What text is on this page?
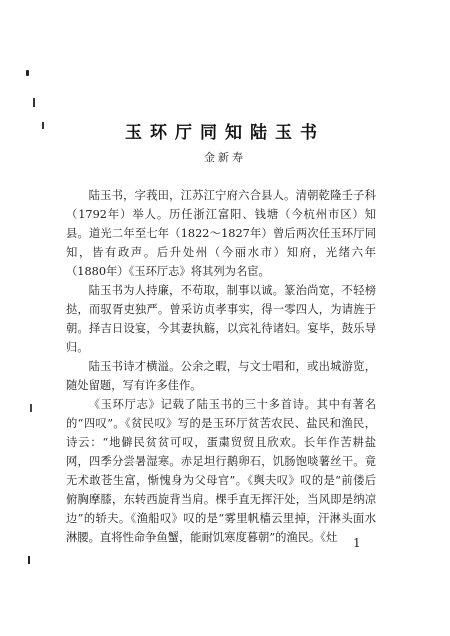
玉环厅同知陆玉书
金新寿

陆玉书，字莪田，江苏江宁府六合县人。清朝乾隆壬子科（1792年）举人。历任浙江富阳、钱塘（今杭州市区）知县。道光二年至七年（1822～1827年）曾后两次任玉环厅同知，皆有政声。后升处州（今丽水市）知府，光绪六年（1880年）《玉环厅志》将其列为名宦。

陆玉书为人持廉，不苟取，制事以诚。篆治尚宽，不轻榜挞，而驭胥吏独严。曾采访贞孝事实，得一零四人，为请旌于朝。择吉日设宴，今其妻执觞，以宾礼待诸妇。宴毕，鼓乐导归。

陆玉书诗才横溢。公余之暇，与文士唱和，或出城游览，随处留题，写有许多佳作。

《玉环厅志》记载了陆玉书的三十多首诗。其中有著名的“四叹”。《贫民叹》写的是玉环厅贫苦农民、盐民和渔民，诗云：“地僻民贫贫可叹，蛋粛贸贸且欣欢。长年作苦耕盐网，四季分尝暑湿寒。赤足坦行鹅卵石，饥肠饱啖薯丝干。竟无术敢苍生富，惭愧身为父母官”。《舆夫叹》叹的是“前偻后俯胸摩膝，东转西旋背当肩。棵手直无挥汗处，当风即是纳凉边”的轿夫。《渔船叹》叹的是“雾里帆樯云里掉，汗淋头面水淋腰。直将性命争鱼蟹，能耐饥寒度暮朝”的渔民。《灶	1
